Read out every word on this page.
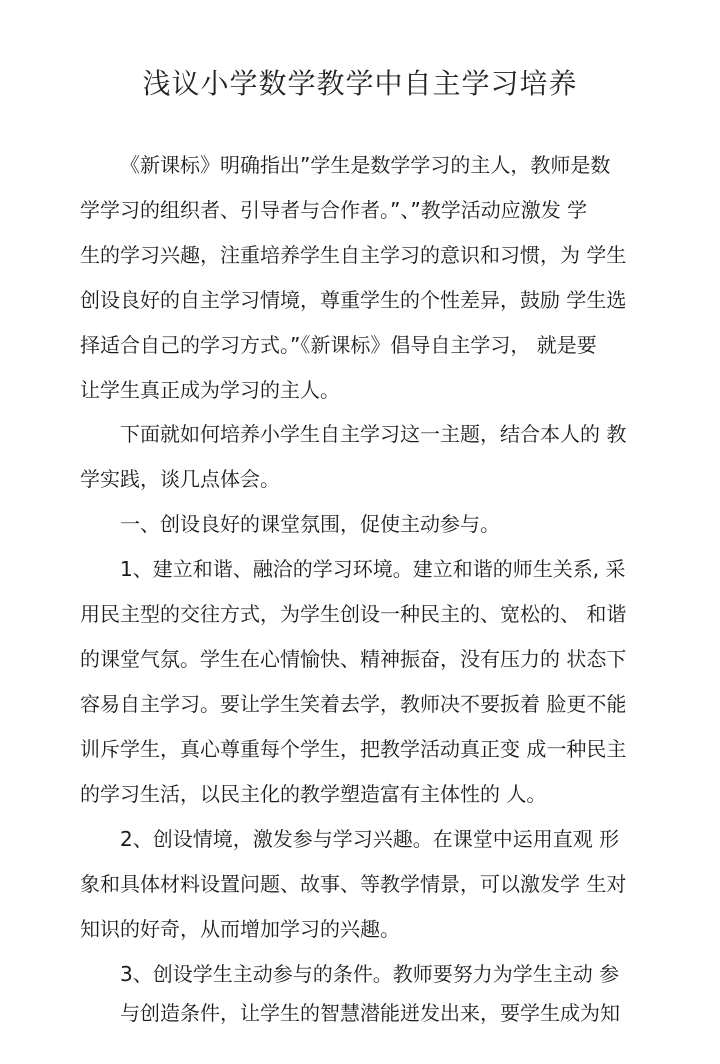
浅议小学数学教学中自主学习培养
《新课标》明确指出”学生是数学学习的主人，教师是数
学学习的组织者、引导者与合作者。”、”教学活动应激发 学
生的学习兴趣，注重培养学生自主学习的意识和习惯，为 学生
创设良好的自主学习情境，尊重学生的个性差异，鼓励 学生选
择适合自己的学习方式。”《新课标》倡导自主学习， 就是要
让学生真正成为学习的主人。
下面就如何培养小学生自主学习这一主题，结合本人的 教
学实践，谈几点体会。
一、创设良好的课堂氛围，促使主动参与。
1、建立和谐、融洽的学习环境。建立和谐的师生关系, 采
用民主型的交往方式，为学生创设一种民主的、宽松的、 和谐
的课堂气氛。学生在心情愉快、精神振奋，没有压力的 状态下
容易自主学习。要让学生笑着去学，教师决不要扳着 脸更不能
训斥学生，真心尊重每个学生，把教学活动真正变 成一种民主
的学习生活，以民主化的教学塑造富有主体性的 人。
2、创设情境，激发参与学习兴趣。在课堂中运用直观 形
象和具体材料设置问题、故事、等教学情景，可以激发学 生对
知识的好奇，从而增加学习的兴趣。
3、创设学生主动参与的条件。教师要努力为学生主动 参
与创造条件，让学生的智慧潜能迸发出来，要学生成为知
